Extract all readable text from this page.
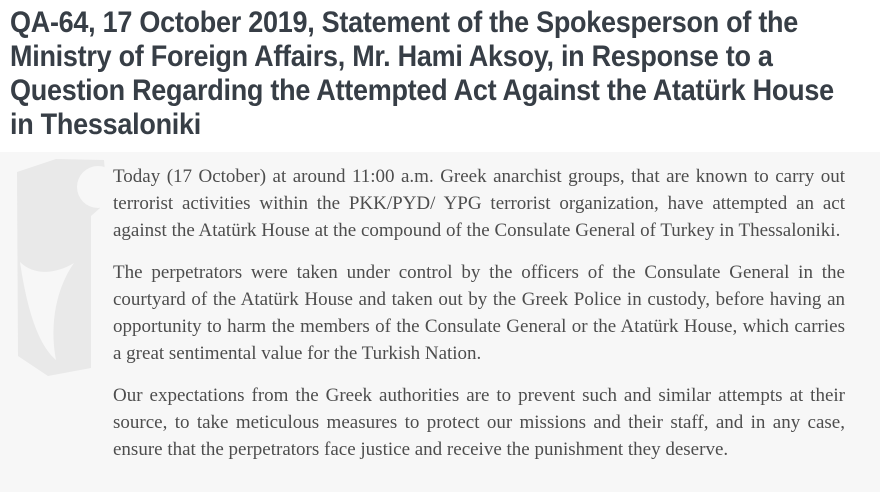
QA-64, 17 October 2019, Statement of the Spokesperson of the
Ministry of Foreign Affairs, Mr. Hami Aksoy, in Response to a
Question Regarding the Attempted Act Against the Atatürk House
in Thessaloniki

Today (17 October) at around 11:00 a.m. Greek anarchist groups, that are known to carry out terrorist activities within the PKK/PYD/ YPG terrorist organization, have attempted an act against the Atatürk House at the compound of the Consulate General of Turkey in Thessaloniki.

The perpetrators were taken under control by the officers of the Consulate General in the courtyard of the Atatürk House and taken out by the Greek Police in custody, before having an opportunity to harm the members of the Consulate General or the Atatürk House, which carries a great sentimental value for the Turkish Nation.

Our expectations from the Greek authorities are to prevent such and similar attempts at their source, to take meticulous measures to protect our missions and their staff, and in any case, ensure that the perpetrators face justice and receive the punishment they deserve.
